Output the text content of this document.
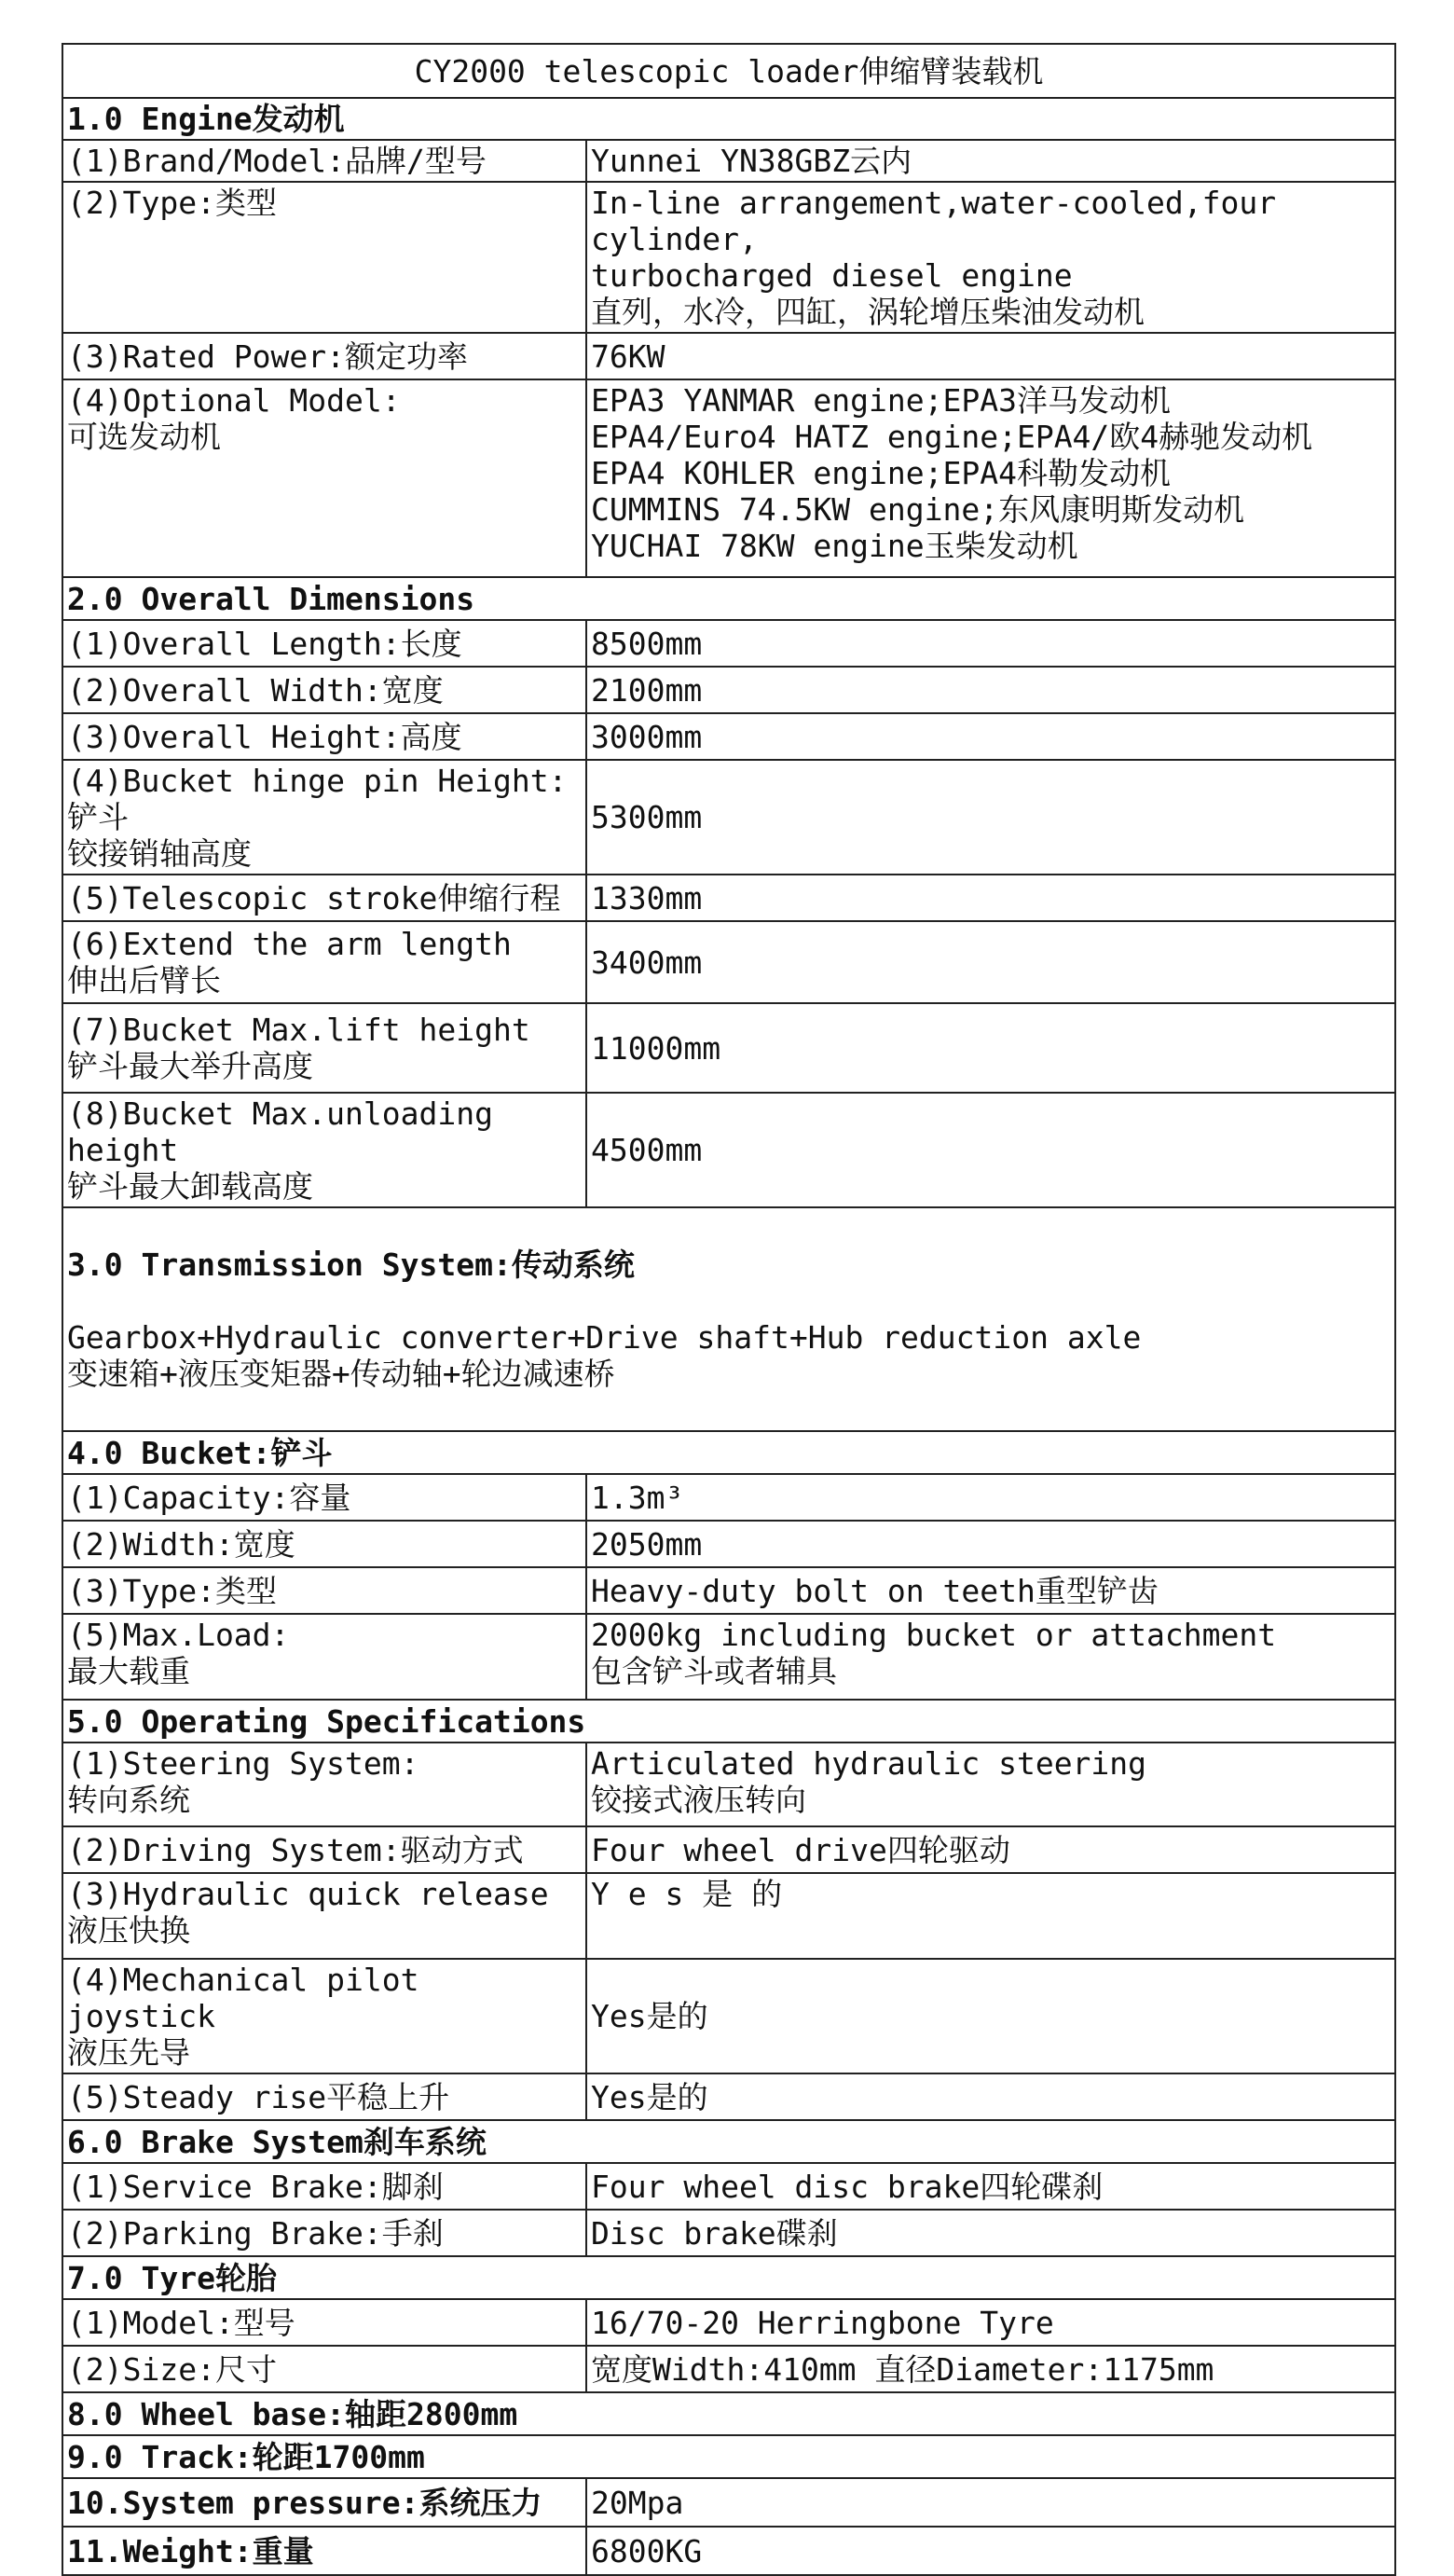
CY2000 telescopic loader伸缩臂装载机	
1.0 Engine发动机	
(1)Brand/Model:品牌/型号	Yunnei YN38GBZ云内
(2)Type:类型	In-line arrangement,water-cooled,four cylinder,
turbocharged diesel engine
直列，水冷，四缸，涡轮增压柴油发动机
(3)Rated Power:额定功率	76KW
(4)Optional Model:
可选发动机	EPA3 YANMAR engine;EPA3洋马发动机
EPA4/Euro4 HATZ engine;EPA4/欧4赫驰发动机
EPA4 KOHLER engine;EPA4科勒发动机
CUMMINS 74.5KW engine;东风康明斯发动机
YUCHAI 78KW engine玉柴发动机
2.0 Overall Dimensions	
(1)Overall Length:长度	8500mm
(2)Overall Width:宽度	2100mm
(3)Overall Height:高度	3000mm
(4)Bucket hinge pin Height:铲斗
铰接销轴高度	5300mm
(5)Telescopic stroke伸缩行程	1330mm
(6)Extend the arm length
伸出后臂长	3400mm
(7)Bucket Max.lift height
铲斗最大举升高度	11000mm
(8)Bucket Max.unloading height
铲斗最大卸载高度	4500mm

3.0 Transmission System:传动系统

Gearbox+Hydraulic converter+Drive shaft+Hub reduction axle
变速箱+液压变矩器+传动轴+轮边减速桥	

4.0 Bucket:铲斗	
(1)Capacity:容量	1.3m³
(2)Width:宽度	2050mm
(3)Type:类型	Heavy-duty bolt on teeth重型铲齿
(5)Max.Load:
最大载重	2000kg including bucket or attachment
包含铲斗或者辅具
5.0 Operating Specifications	
(1)Steering System:
转向系统	Articulated hydraulic steering
铰接式液压转向
(2)Driving System:驱动方式	Four wheel drive四轮驱动
(3)Hydraulic quick release
液压快换	Y e s 是 的
(4)Mechanical pilot joystick
液压先导	Yes是的
(5)Steady rise平稳上升	Yes是的
6.0 Brake System刹车系统	
(1)Service Brake:脚刹	Four wheel disc brake四轮碟刹
(2)Parking Brake:手刹	Disc brake碟刹
7.0 Tyre轮胎	
(1)Model:型号	16/70-20 Herringbone Tyre
(2)Size:尺寸	宽度Width:410mm 直径Diameter:1175mm
8.0 Wheel base:轴距2800mm	
9.0 Track:轮距1700mm	
10.System pressure:系统压力	20Mpa
11.Weight:重量	6800KG
